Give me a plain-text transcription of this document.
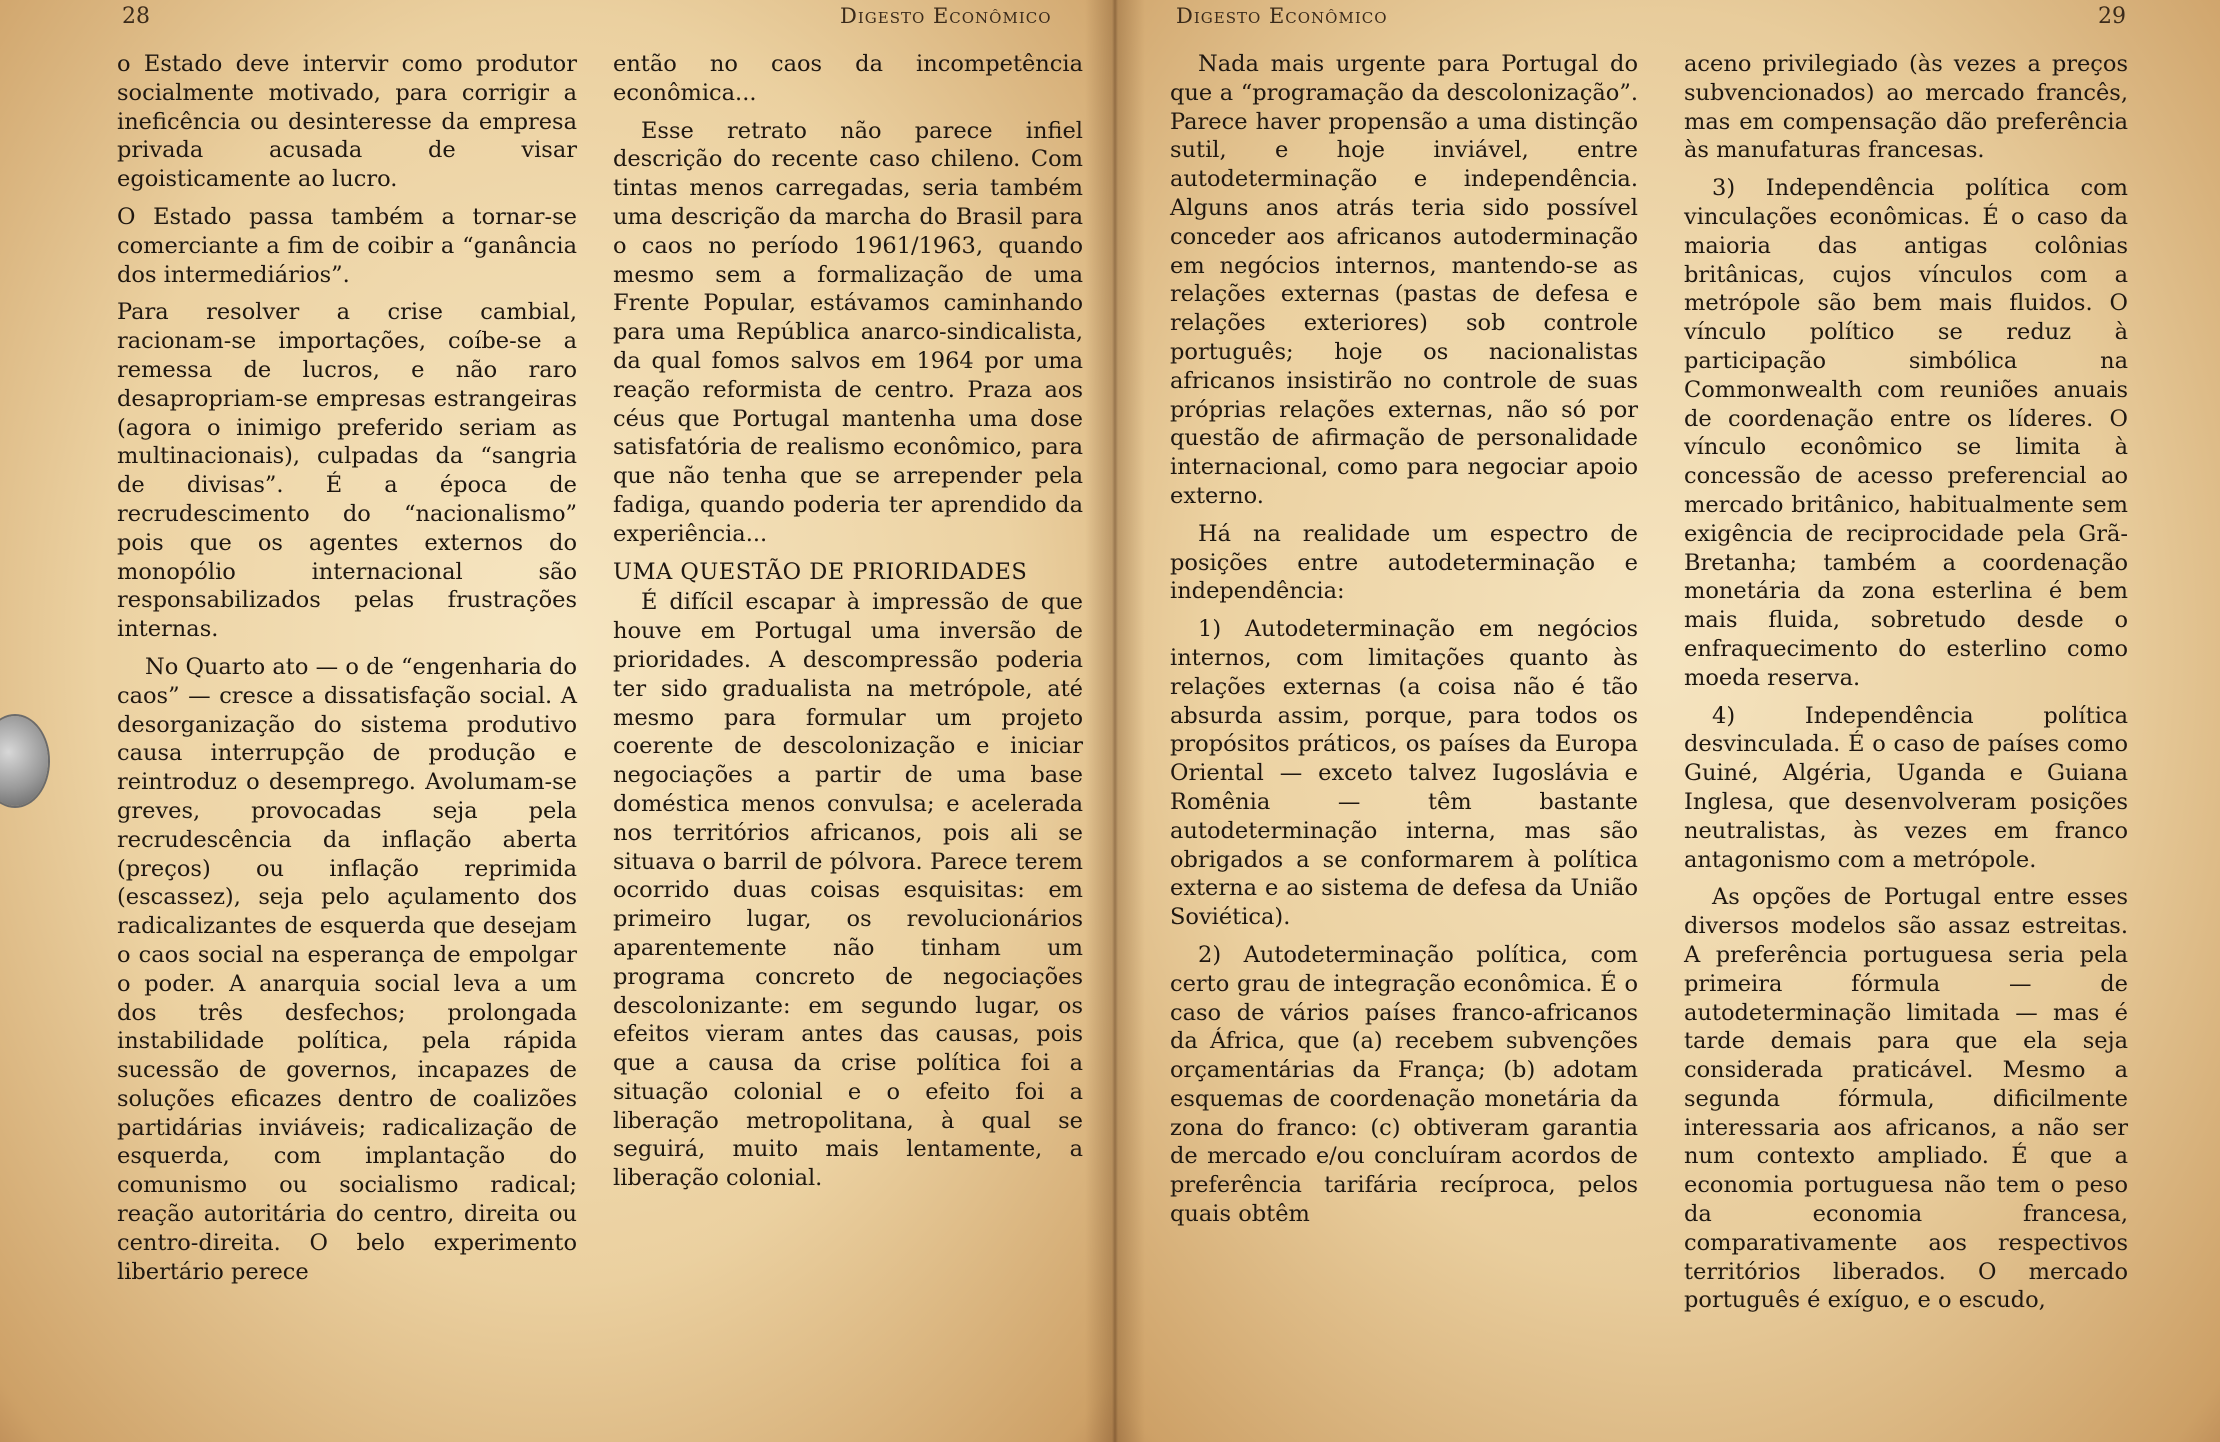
28	Digesto Econômico

o Estado deve intervir como produtor socialmente motivado, para corrigir a ineficência ou desinteresse da empresa privada acusada de visar egoisticamente ao lucro.

O Estado passa também a tornar-se comerciante a fim de coibir a “ganância dos intermediários”.

Para resolver a crise cambial, racionam-se importações, coíbe-se a remessa de lucros, e não raro desapropriam-se empresas estrangeiras (agora o inimigo preferido seriam as multinacionais), culpadas da “sangria de divisas”. É a época de recrudescimento do “nacionalismo” pois que os agentes externos do monopólio internacional são responsabilizados pelas frustrações internas.

No Quarto ato — o de “engenharia do caos” — cresce a dissatisfação social. A desorganização do sistema produtivo causa interrupção de produção e reintroduz o desemprego. Avolumam-se greves, provocadas seja pela recrudescência da inflação aberta (preços) ou inflação reprimida (escassez), seja pelo açulamento dos radicalizantes de esquerda que desejam o caos social na esperança de empolgar o poder. A anarquia social leva a um dos três desfechos; prolongada instabilidade política, pela rápida sucessão de governos, incapazes de soluções eficazes dentro de coalizões partidárias inviáveis; radicalização de esquerda, com implantação do comunismo ou socialismo radical; reação autoritária do centro, direita ou centro-direita. O belo experimento libertário perece

então no caos da incompetência econômica...

Esse retrato não parece infiel descrição do recente caso chileno. Com tintas menos carregadas, seria também uma descrição da marcha do Brasil para o caos no período 1961/1963, quando mesmo sem a formalização de uma Frente Popular, estávamos caminhando para uma República anarco-sindicalista, da qual fomos salvos em 1964 por uma reação reformista de centro. Praza aos céus que Portugal mantenha uma dose satisfatória de realismo econômico, para que não tenha que se arrepender pela fadiga, quando poderia ter aprendido da experiência...

UMA QUESTÃO DE PRIORIDADES

É difícil escapar à impressão de que houve em Portugal uma inversão de prioridades. A descompressão poderia ter sido gradualista na metrópole, até mesmo para formular um projeto coerente de descolonização e iniciar negociações a partir de uma base doméstica menos convulsa; e acelerada nos territórios africanos, pois ali se situava o barril de pólvora. Parece terem ocorrido duas coisas esquisitas: em primeiro lugar, os revolucionários aparentemente não tinham um programa concreto de negociações descolonizante: em segundo lugar, os efeitos vieram antes das causas, pois que a causa da crise política foi a situação colonial e o efeito foi a liberação metropolitana, à qual se seguirá, muito mais lentamente, a liberação colonial.

Digesto Econômico	29

Nada mais urgente para Portugal do que a “programação da descolonização”. Parece haver propensão a uma distinção sutil, e hoje inviável, entre autodeterminação e independência. Alguns anos atrás teria sido possível conceder aos africanos autoderminação em negócios internos, mantendo-se as relações externas (pastas de defesa e relações exteriores) sob controle português; hoje os nacionalistas africanos insistirão no controle de suas próprias relações externas, não só por questão de afirmação de personalidade internacional, como para negociar apoio externo.

Há na realidade um espectro de posições entre autodeterminação e independência:

1) Autodeterminação em negócios internos, com limitações quanto às relações externas (a coisa não é tão absurda assim, porque, para todos os propósitos práticos, os países da Europa Oriental — exceto talvez Iugoslávia e Romênia — têm bastante autodeterminação interna, mas são obrigados a se conformarem à política externa e ao sistema de defesa da União Soviética).

2) Autodeterminação política, com certo grau de integração econômica. É o caso de vários países franco-africanos da África, que (a) recebem subvenções orçamentárias da França; (b) adotam esquemas de coordenação monetária da zona do franco: (c) obtiveram garantia de mercado e/ou concluíram acordos de preferência tarifária recíproca, pelos quais obtêm

aceno privilegiado (às vezes a preços subvencionados) ao mercado francês, mas em compensação dão preferência às manufaturas francesas.

3) Independência política com vinculações econômicas. É o caso da maioria das antigas colônias britânicas, cujos vínculos com a metrópole são bem mais fluidos. O vínculo político se reduz à participação simbólica na Commonwealth com reuniões anuais de coordenação entre os líderes. O vínculo econômico se limita à concessão de acesso preferencial ao mercado britânico, habitualmente sem exigência de reciprocidade pela Grã-Bretanha; também a coordenação monetária da zona esterlina é bem mais fluida, sobretudo desde o enfraquecimento do esterlino como moeda reserva.

4) Independência política desvinculada. É o caso de países como Guiné, Algéria, Uganda e Guiana Inglesa, que desenvolveram posições neutralistas, às vezes em franco antagonismo com a metrópole.

As opções de Portugal entre esses diversos modelos são assaz estreitas. A preferência portuguesa seria pela primeira fórmula — de autodeterminação limitada — mas é tarde demais para que ela seja considerada praticável. Mesmo a segunda fórmula, dificilmente interessaria aos africanos, a não ser num contexto ampliado. É que a economia portuguesa não tem o peso da economia francesa, comparativamente aos respectivos territórios liberados. O mercado português é exíguo, e o escudo,
